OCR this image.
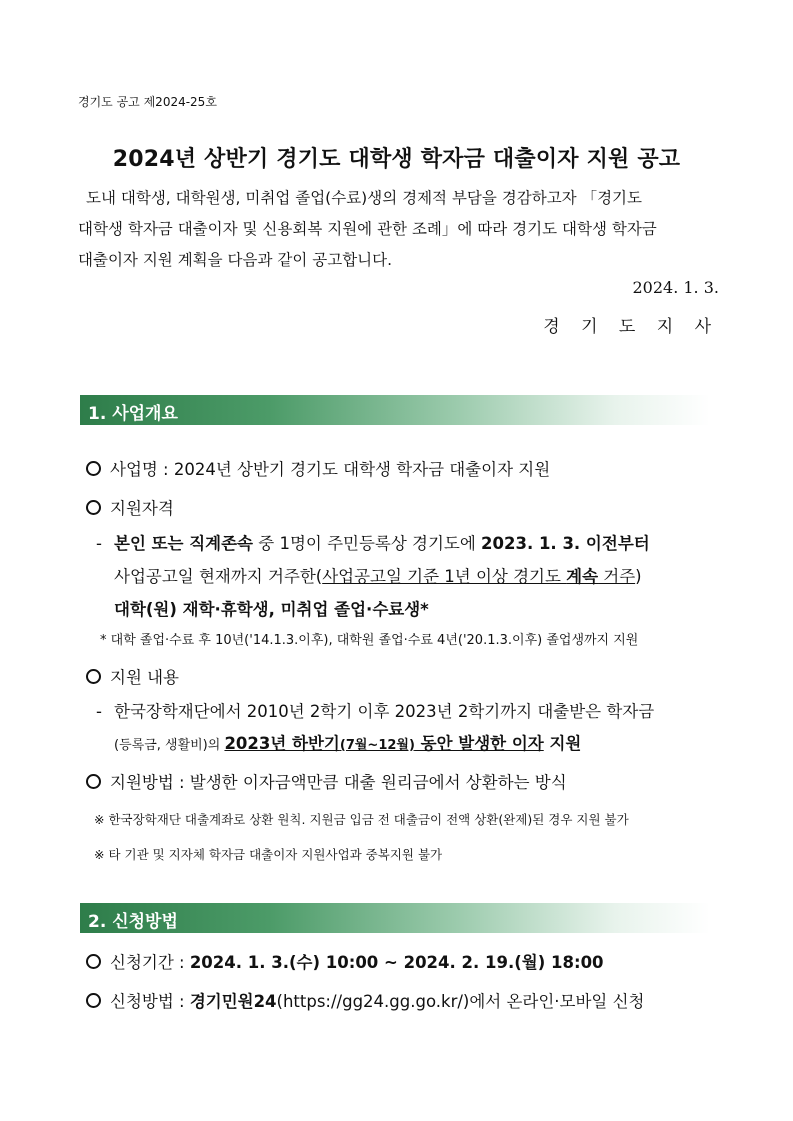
경기도 공고 제2024-25호
2024년 상반기 경기도 대학생 학자금 대출이자 지원 공고

도내 대학생, 대학원생, 미취업 졸업(수료)생의 경제적 부담을 경감하고자 「경기도

대학생 학자금 대출이자 및 신용회복 지원에 관한 조례」에 따라 경기도 대학생 학자금

대출이자 지원 계획을 다음과 같이 공고합니다.

2024. 1. 3.
경 기 도 지 사
1. 사업개요
사업명 : 2024년 상반기 경기도 대학생 학자금 대출이자 지원
지원자격
- 본인 또는 직계존속 중 1명이 주민등록상 경기도에 2023. 1. 3. 이전부터
사업공고일 현재까지 거주한(사업공고일 기준 1년 이상 경기도 계속 거주)
대학(원) 재학·휴학생, 미취업 졸업·수료생*
* 대학 졸업·수료 후 10년('14.1.3.이후), 대학원 졸업·수료 4년('20.1.3.이후) 졸업생까지 지원
지원 내용
- 한국장학재단에서 2010년 2학기 이후 2023년 2학기까지 대출받은 학자금
(등록금, 생활비)의 2023년 하반기(7월~12월) 동안 발생한 이자 지원
지원방법 : 발생한 이자금액만큼 대출 원리금에서 상환하는 방식
※ 한국장학재단 대출계좌로 상환 원칙. 지원금 입금 전 대출금이 전액 상환(완제)된 경우 지원 불가
※ 타 기관 및 지자체 학자금 대출이자 지원사업과 중복지원 불가
2. 신청방법
신청기간 : 2024. 1. 3.(수) 10:00 ~ 2024. 2. 19.(월) 18:00
신청방법 : 경기민원24(https://gg24.gg.go.kr/)에서 온라인·모바일 신청
